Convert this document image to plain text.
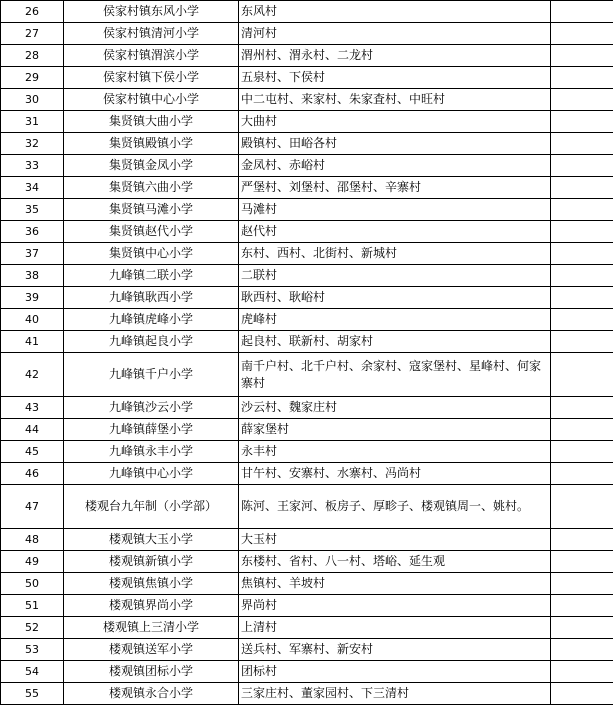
26	侯家村镇东风小学	东风村	
27	侯家村镇清河小学	清河村	
28	侯家村镇渭滨小学	渭州村、渭永村、二龙村	
29	侯家村镇下侯小学	五泉村、下侯村	
30	侯家村镇中心小学	中二屯村、来家村、朱家査村、中旺村	
31	集贤镇大曲小学	大曲村	
32	集贤镇殿镇小学	殿镇村、田峪各村	
33	集贤镇金凤小学	金凤村、赤峪村	
34	集贤镇六曲小学	严堡村、刘堡村、邵堡村、辛寨村	
35	集贤镇马滩小学	马滩村	
36	集贤镇赵代小学	赵代村	
37	集贤镇中心小学	东村、西村、北街村、新城村	
38	九峰镇二联小学	二联村	
39	九峰镇耿西小学	耿西村、耿峪村	
40	九峰镇虎峰小学	虎峰村	
41	九峰镇起良小学	起良村、联新村、胡家村	
42	九峰镇千户小学	南千户村、北千户村、余家村、寇家堡村、星峰村、何家寨村	
43	九峰镇沙云小学	沙云村、魏家庄村	
44	九峰镇薛堡小学	薛家堡村	
45	九峰镇永丰小学	永丰村	
46	九峰镇中心小学	甘午村、安寨村、水寨村、冯尚村	
47	楼观台九年制（小学部）	陈河、王家河、板房子、厚畛子、楼观镇周一、姚村。	
48	楼观镇大玉小学	大玉村	
49	楼观镇新镇小学	东楼村、省村、八一村、塔峪、延生观	
50	楼观镇焦镇小学	焦镇村、羊坡村	
51	楼观镇界尚小学	界尚村	
52	楼观镇上三清小学	上清村	
53	楼观镇送军小学	送兵村、军寨村、新安村	
54	楼观镇团标小学	团标村	
55	楼观镇永合小学	三家庄村、董家园村、下三清村	
